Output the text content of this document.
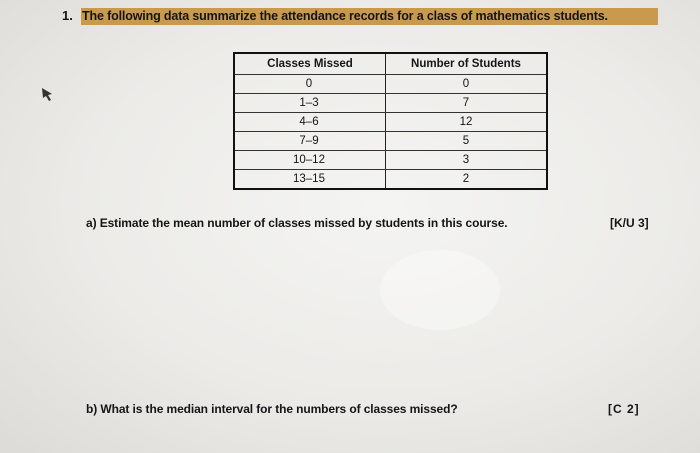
1. The following data summarize the attendance records for a class of mathematics students.
Classes Missed	Number of Students
0	0
1–3	7
4–6	12
7–9	5
10–12	3
13–15	2
a) Estimate the mean number of classes missed by students in this course.	[K/U 3]
b) What is the median interval for the numbers of classes missed?	[C 2]
